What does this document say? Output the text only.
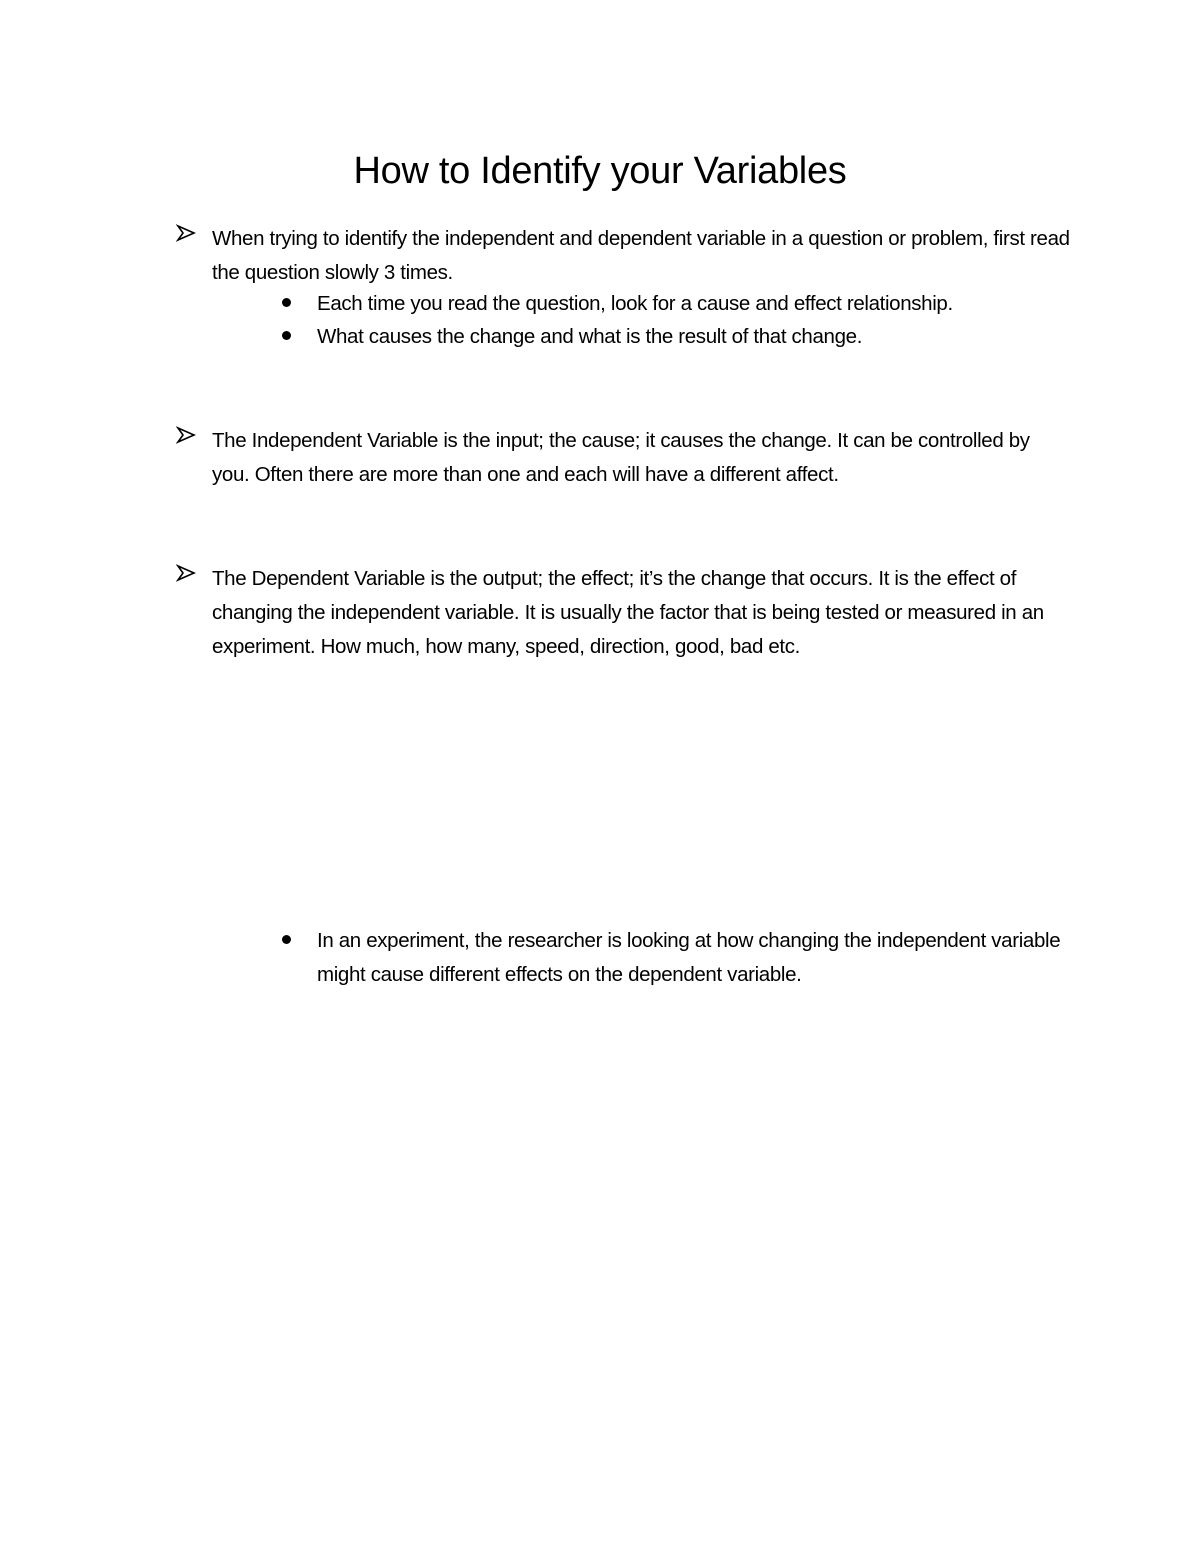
How to Identify your Variables
When trying to identify the independent and dependent variable in a question or problem, first read the question slowly 3 times.
Each time you read the question, look for a cause and effect relationship.
What causes the change and what is the result of that change.
The Independent Variable is the input; the cause; it causes the change. It can be controlled by you. Often there are more than one and each will have a different affect.
The Dependent Variable is the output; the effect; it’s the change that occurs. It is the effect of changing the independent variable. It is usually the factor that is being tested or measured in an experiment. How much, how many, speed, direction, good, bad etc.
In an experiment, the researcher is looking at how changing the independent variable might cause different effects on the dependent variable.
